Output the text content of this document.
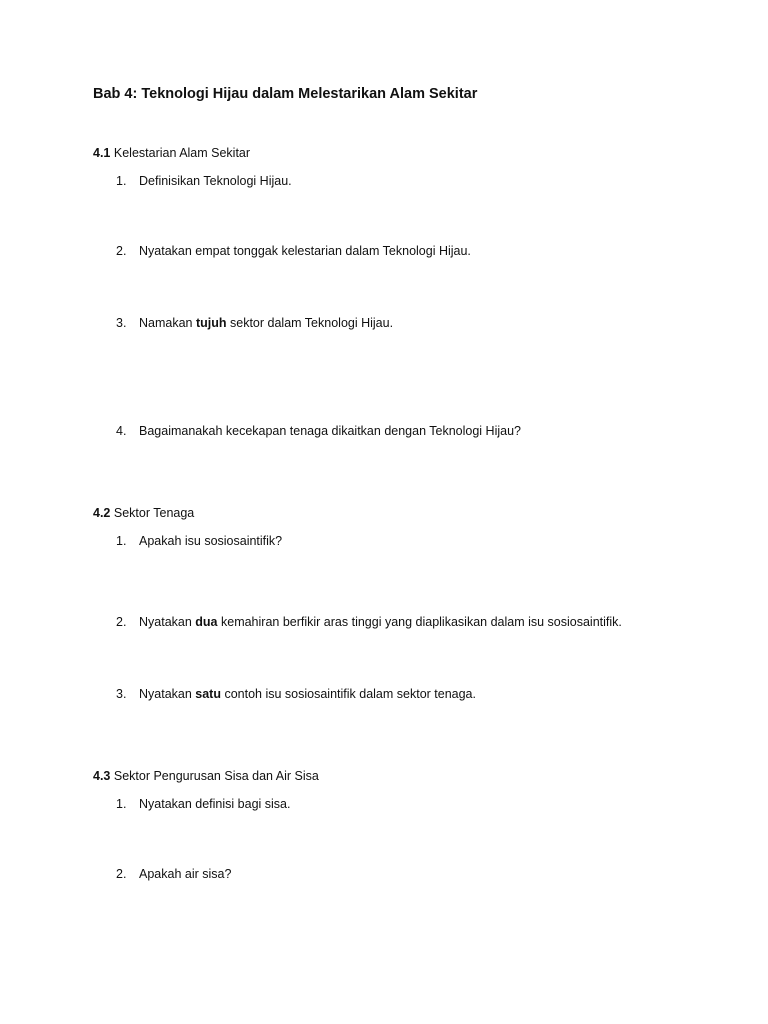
Bab 4: Teknologi Hijau dalam Melestarikan Alam Sekitar
4.1 Kelestarian Alam Sekitar
1. Definisikan Teknologi Hijau.
2. Nyatakan empat tonggak kelestarian dalam Teknologi Hijau.
3. Namakan tujuh sektor dalam Teknologi Hijau.
4. Bagaimanakah kecekapan tenaga dikaitkan dengan Teknologi Hijau?
4.2 Sektor Tenaga
1. Apakah isu sosiosaintifik?
2. Nyatakan dua kemahiran berfikir aras tinggi yang diaplikasikan dalam isu sosiosaintifik.
3. Nyatakan satu contoh isu sosiosaintifik dalam sektor tenaga.
4.3 Sektor Pengurusan Sisa dan Air Sisa
1. Nyatakan definisi bagi sisa.
2. Apakah air sisa?
